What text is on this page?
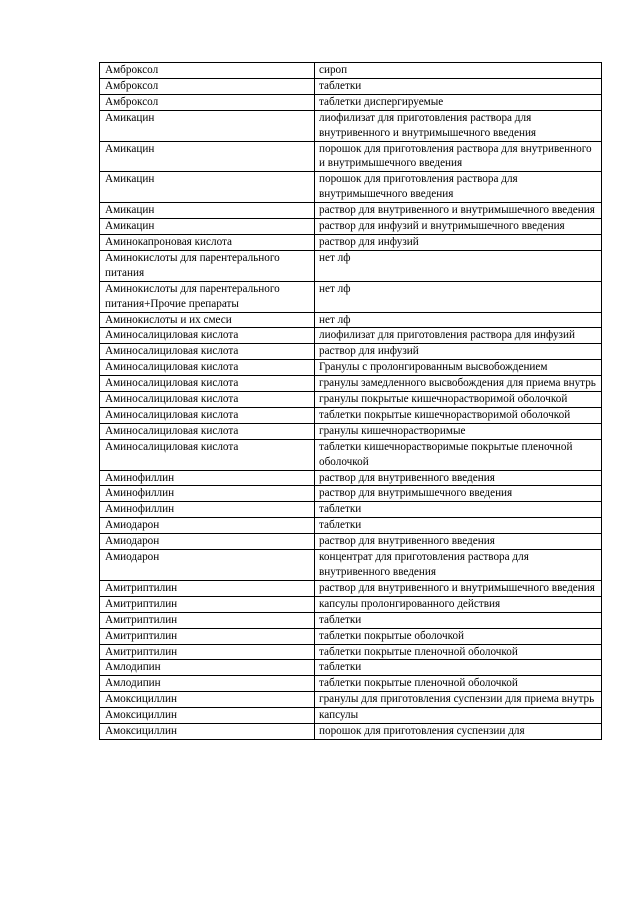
Амброксол	сироп
Амброксол	таблетки
Амброксол	таблетки диспергируемые
Амикацин	лиофилизат для приготовления раствора для внутривенного и внутримышечного введения
Амикацин	порошок для приготовления раствора для внутривенного и внутримышечного введения
Амикацин	порошок для приготовления раствора для внутримышечного введения
Амикацин	раствор для внутривенного и внутримышечного введения
Амикацин	раствор для инфузий и внутримышечного введения
Аминокапроновая кислота	раствор для инфузий
Аминокислоты для парентерального питания	нет лф
Аминокислоты для парентерального питания+Прочие препараты	нет лф
Аминокислоты и их смеси	нет лф
Аминосалициловая кислота	лиофилизат для приготовления раствора для инфузий
Аминосалициловая кислота	раствор для инфузий
Аминосалициловая кислота	Гранулы с пролонгированным высвобождением
Аминосалициловая кислота	гранулы замедленного высвобождения для приема внутрь
Аминосалициловая кислота	гранулы покрытые кишечнорастворимой оболочкой
Аминосалициловая кислота	таблетки покрытые кишечнорастворимой оболочкой
Аминосалициловая кислота	гранулы кишечнорастворимые
Аминосалициловая кислота	таблетки кишечнорастворимые покрытые пленочной оболочкой
Аминофиллин	раствор для внутривенного введения
Аминофиллин	раствор для внутримышечного введения
Аминофиллин	таблетки
Амиодарон	таблетки
Амиодарон	раствор для внутривенного введения
Амиодарон	концентрат для приготовления раствора для внутривенного введения
Амитриптилин	раствор для внутривенного и внутримышечного введения
Амитриптилин	капсулы пролонгированного действия
Амитриптилин	таблетки
Амитриптилин	таблетки покрытые оболочкой
Амитриптилин	таблетки покрытые пленочной оболочкой
Амлодипин	таблетки
Амлодипин	таблетки покрытые пленочной оболочкой
Амоксициллин	гранулы для приготовления суспензии для приема внутрь
Амоксициллин	капсулы
Амоксициллин	порошок для приготовления суспензии для
